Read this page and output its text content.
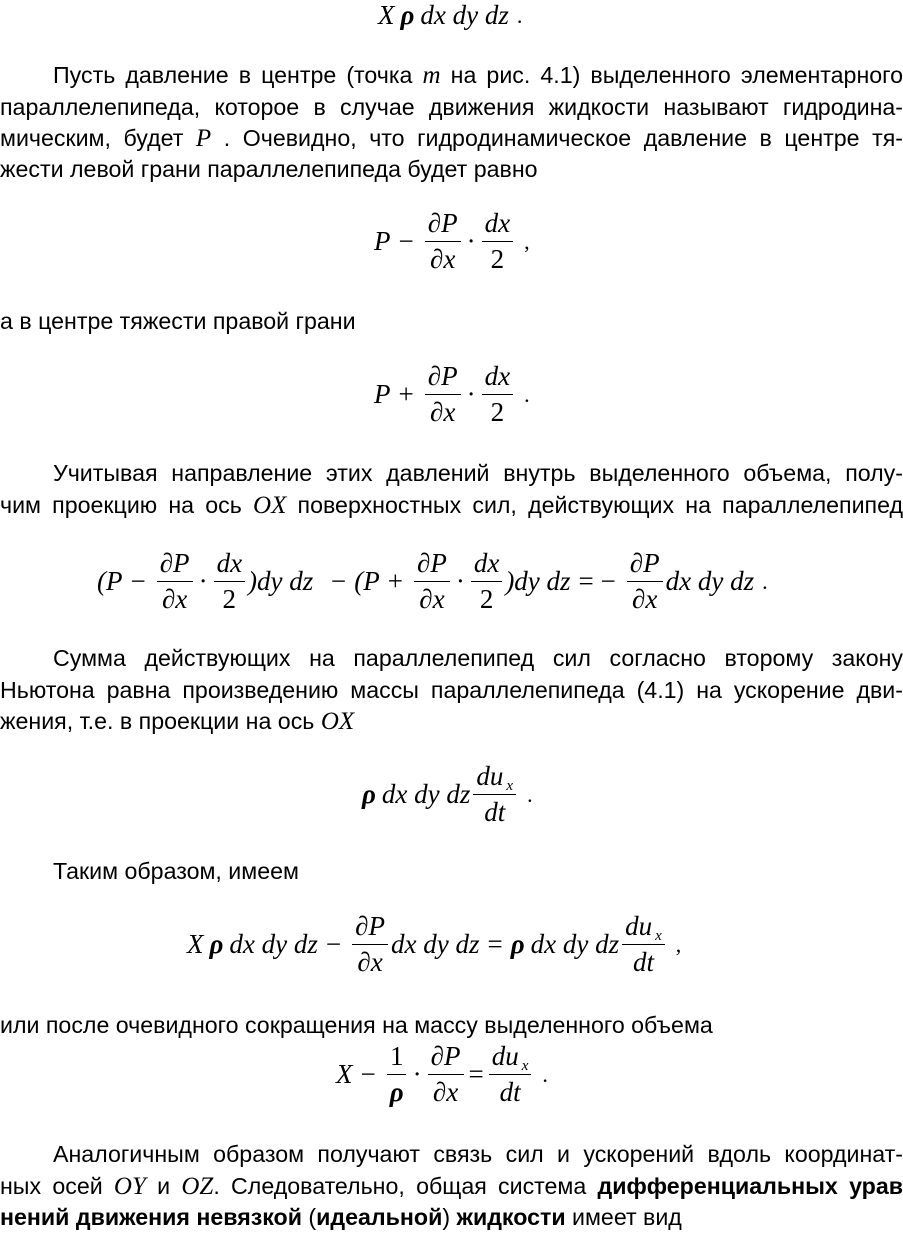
X ρ dx dy dz .

Пусть давление в центре (точка m на рис. 4.1) выделенного элементарного

параллелепипеда, которое в случае движения жидкости называют гидродина-

мическим, будет P . Очевидно, что гидродинамическое давление в центре тя-

жести левой грани параллелепипеда будет равно

$P - \frac{\partial P}{\partial x} \cdot \frac{dx}{2}$ ,

а в центре тяжести правой грани

$P + \frac{\partial P}{\partial x} \cdot \frac{dx}{2}$ .

Учитывая направление этих давлений внутрь выделенного объема, полу-

чим проекцию на ось OX поверхностных сил, действующих на параллелепипед

$(P - \frac{\partial P}{\partial x} \cdot \frac{dx}{2} )dy$ dz − $(P + \frac{\partial P}{\partial x} \cdot \frac{dx}{2} )dy$ dz = − $\frac{\partial P}{\partial x}$ dx dy dz .

Сумма действующих на параллелепипед сил согласно второму закону

Ньютона равна произведению массы параллелепипеда (4.1) на ускорение дви-

жения, т.е. в проекции на ось OX

ρ dx dy dz $\frac{\text{du x}}{dt}$ .

Таким образом, имеем

X ρ dx dy dz − $\frac{\partial P}{\partial x}$ dx dy dz = ρ dx dy dz $\frac{\text{du x}}{dt}$ ,

или после очевидного сокращения на массу выделенного объема

$X - \frac{1}{\rho} \cdot \frac{\partial P}{\partial x} = \frac{\text{du x}}{dt}$ .

Аналогичным образом получают связь сил и ускорений вдоль координат-

ных осей OY и OZ. Следовательно, общая система дифференциальных урав

нений движения невязкой (идеальной) жидкости имеет вид
